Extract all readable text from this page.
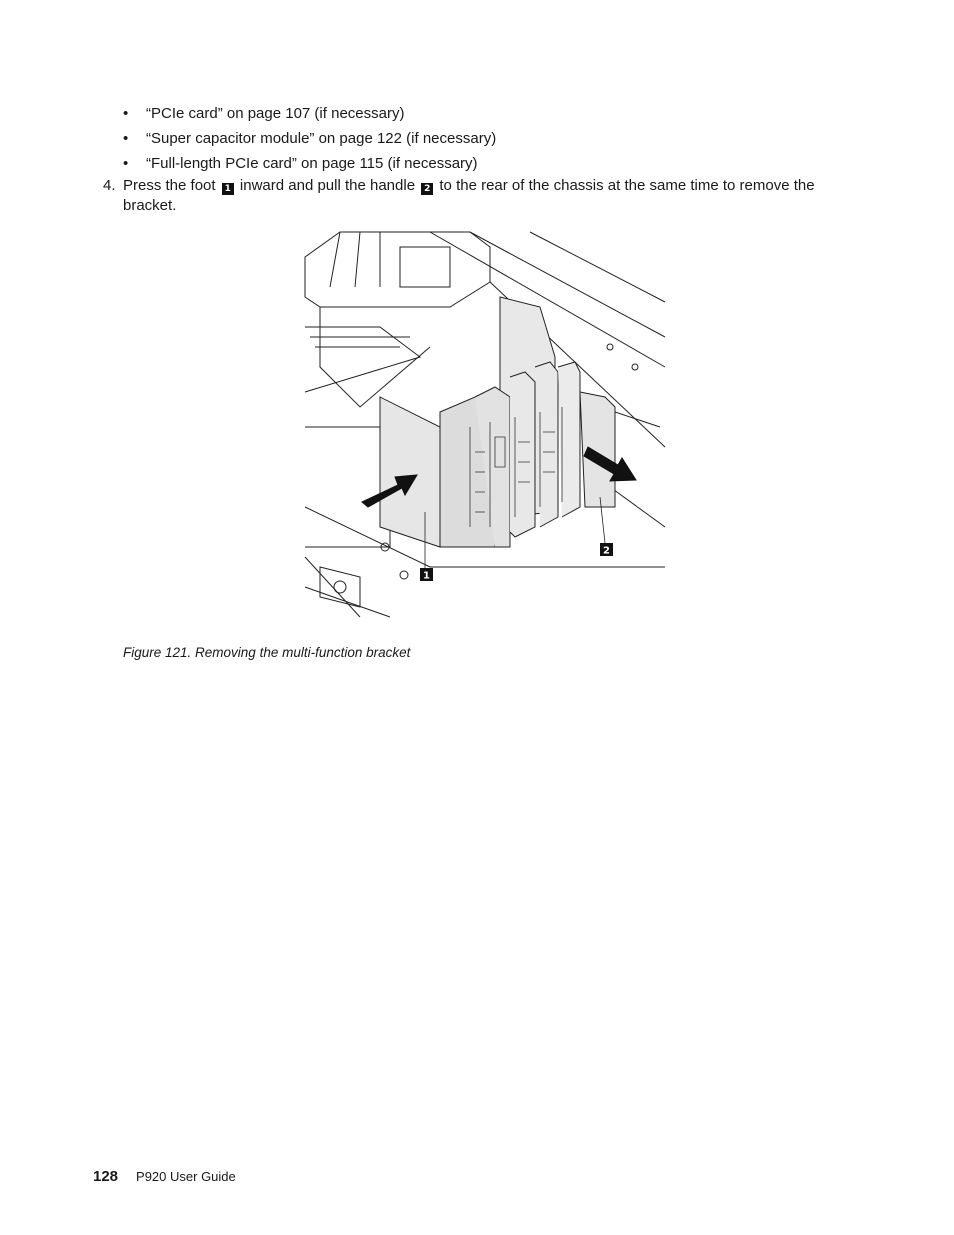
• “PCIe card” on page 107 (if necessary)
• “Super capacitor module” on page 122 (if necessary)
• “Full-length PCIe card” on page 115 (if necessary)
4. Press the foot 1 inward and pull the handle 2 to the rear of the chassis at the same time to remove the bracket.
1
2
Figure 121. Removing the multi-function bracket
128 P920 User Guide
